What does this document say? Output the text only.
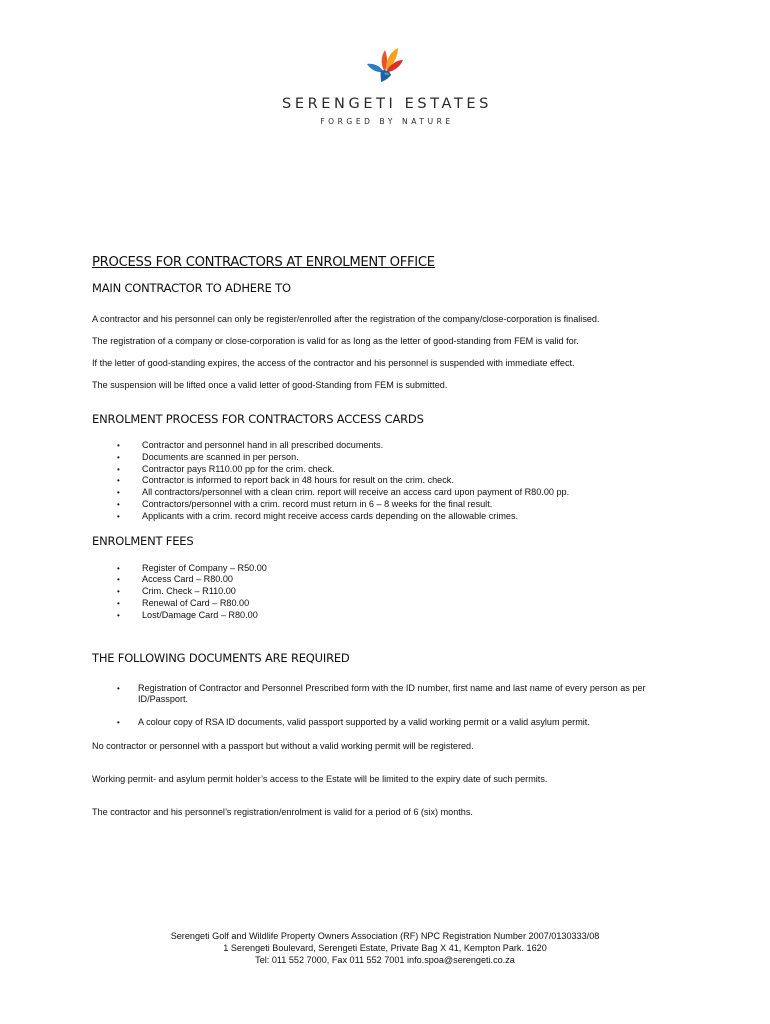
SERENGETI ESTATES
FORGED BY NATURE
PROCESS FOR CONTRACTORS AT ENROLMENT OFFICE
MAIN CONTRACTOR TO ADHERE TO

A contractor and his personnel can only be register/enrolled after the registration of the company/close-corporation is finalised.

The registration of a company or close-corporation is valid for as long as the letter of good-standing from FEM is valid for.

If the letter of good-standing expires, the access of the contractor and his personnel is suspended with immediate effect.

The suspension will be lifted once a valid letter of good-Standing from FEM is submitted.

ENROLMENT PROCESS FOR CONTRACTORS ACCESS CARDS
• Contractor and personnel hand in all prescribed documents.
• Documents are scanned in per person.
• Contractor pays R110.00 pp for the crim. check.
• Contractor is informed to report back in 48 hours for result on the crim. check.
• All contractors/personnel with a clean crim. report will receive an access card upon payment of R80.00 pp.
• Contractors/personnel with a crim. record must return in 6 – 8 weeks for the final result.
• Applicants with a crim. record might receive access cards depending on the allowable crimes.
ENROLMENT FEES
• Register of Company – R50.00
• Access Card – R80.00
• Crim. Check – R110.00
• Renewal of Card – R80.00
• Lost/Damage Card – R80.00
THE FOLLOWING DOCUMENTS ARE REQUIRED
• Registration of Contractor and Personnel Prescribed form with the ID number, first name and last name of every person as per ID/Passport.
• A colour copy of RSA ID documents, valid passport supported by a valid working permit or a valid asylum permit.

No contractor or personnel with a passport but without a valid working permit will be registered.

Working permit- and asylum permit holder’s access to the Estate will be limited to the expiry date of such permits.

The contractor and his personnel’s registration/enrolment is valid for a period of 6 (six) months.

Serengeti Golf and Wildlife Property Owners Association (RF) NPC Registration Number 2007/0130333/08
1 Serengeti Boulevard, Serengeti Estate, Private Bag X 41, Kempton Park. 1620
Tel: 011 552 7000, Fax 011 552 7001 info.spoa@serengeti.co.za
